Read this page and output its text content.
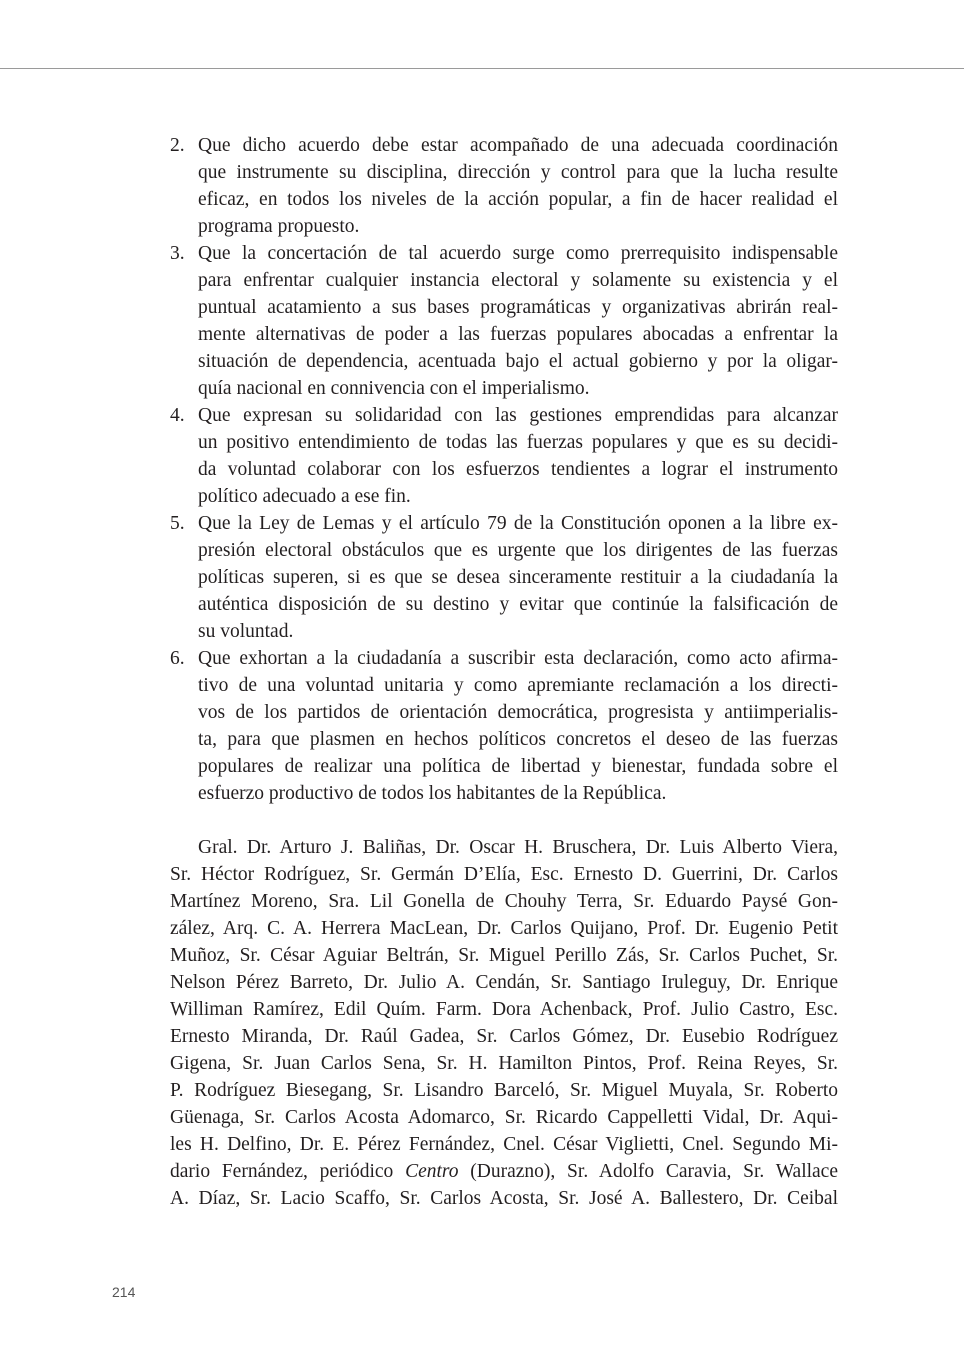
2. Que dicho acuerdo debe estar acompañado de una adecuada coordinación
que instrumente su disciplina, dirección y control para que la lucha resulte
eficaz, en todos los niveles de la acción popular, a fin de hacer realidad el
programa propuesto.
3. Que la concertación de tal acuerdo surge como prerrequisito indispensable
para enfrentar cualquier instancia electoral y solamente su existencia y el
puntual acatamiento a sus bases programáticas y organizativas abrirán real-
mente alternativas de poder a las fuerzas populares abocadas a enfrentar la
situación de dependencia, acentuada bajo el actual gobierno y por la oligar-
quía nacional en connivencia con el imperialismo.
4. Que expresan su solidaridad con las gestiones emprendidas para alcanzar
un positivo entendimiento de todas las fuerzas populares y que es su decidi-
da voluntad colaborar con los esfuerzos tendientes a lograr el instrumento
político adecuado a ese fin.
5. Que la Ley de Lemas y el artículo 79 de la Constitución oponen a la libre ex-
presión electoral obstáculos que es urgente que los dirigentes de las fuerzas
políticas superen, si es que se desea sinceramente restituir a la ciudadanía la
auténtica disposición de su destino y evitar que continúe la falsificación de
su voluntad.
6. Que exhortan a la ciudadanía a suscribir esta declaración, como acto afirma-
tivo de una voluntad unitaria y como apremiante reclamación a los directi-
vos de los partidos de orientación democrática, progresista y antiimperialis-
ta, para que plasmen en hechos políticos concretos el deseo de las fuerzas
populares de realizar una política de libertad y bienestar, fundada sobre el
esfuerzo productivo de todos los habitantes de la República.
Gral. Dr. Arturo J. Baliñas, Dr. Oscar H. Bruschera, Dr. Luis Alberto Viera,
Sr. Héctor Rodríguez, Sr. Germán D’Elía, Esc. Ernesto D. Guerrini, Dr. Carlos
Martínez Moreno, Sra. Lil Gonella de Chouhy Terra, Sr. Eduardo Paysé Gon-
zález, Arq. C. A. Herrera MacLean, Dr. Carlos Quijano, Prof. Dr. Eugenio Petit
Muñoz, Sr. César Aguiar Beltrán, Sr. Miguel Perillo Zás, Sr. Carlos Puchet, Sr.
Nelson Pérez Barreto, Dr. Julio A. Cendán, Sr. Santiago Iruleguy, Dr. Enrique
Williman Ramírez, Edil Quím. Farm. Dora Achenback, Prof. Julio Castro, Esc.
Ernesto Miranda, Dr. Raúl Gadea, Sr. Carlos Gómez, Dr. Eusebio Rodríguez
Gigena, Sr. Juan Carlos Sena, Sr. H. Hamilton Pintos, Prof. Reina Reyes, Sr.
P. Rodríguez Biesegang, Sr. Lisandro Barceló, Sr. Miguel Muyala, Sr. Roberto
Güenaga, Sr. Carlos Acosta Adomarco, Sr. Ricardo Cappelletti Vidal, Dr. Aqui-
les H. Delfino, Dr. E. Pérez Fernández, Cnel. César Viglietti, Cnel. Segundo Mi-
dario Fernández, periódico Centro (Durazno), Sr. Adolfo Caravia, Sr. Wallace
A. Díaz, Sr. Lacio Scaffo, Sr. Carlos Acosta, Sr. José A. Ballestero, Dr. Ceibal
214
